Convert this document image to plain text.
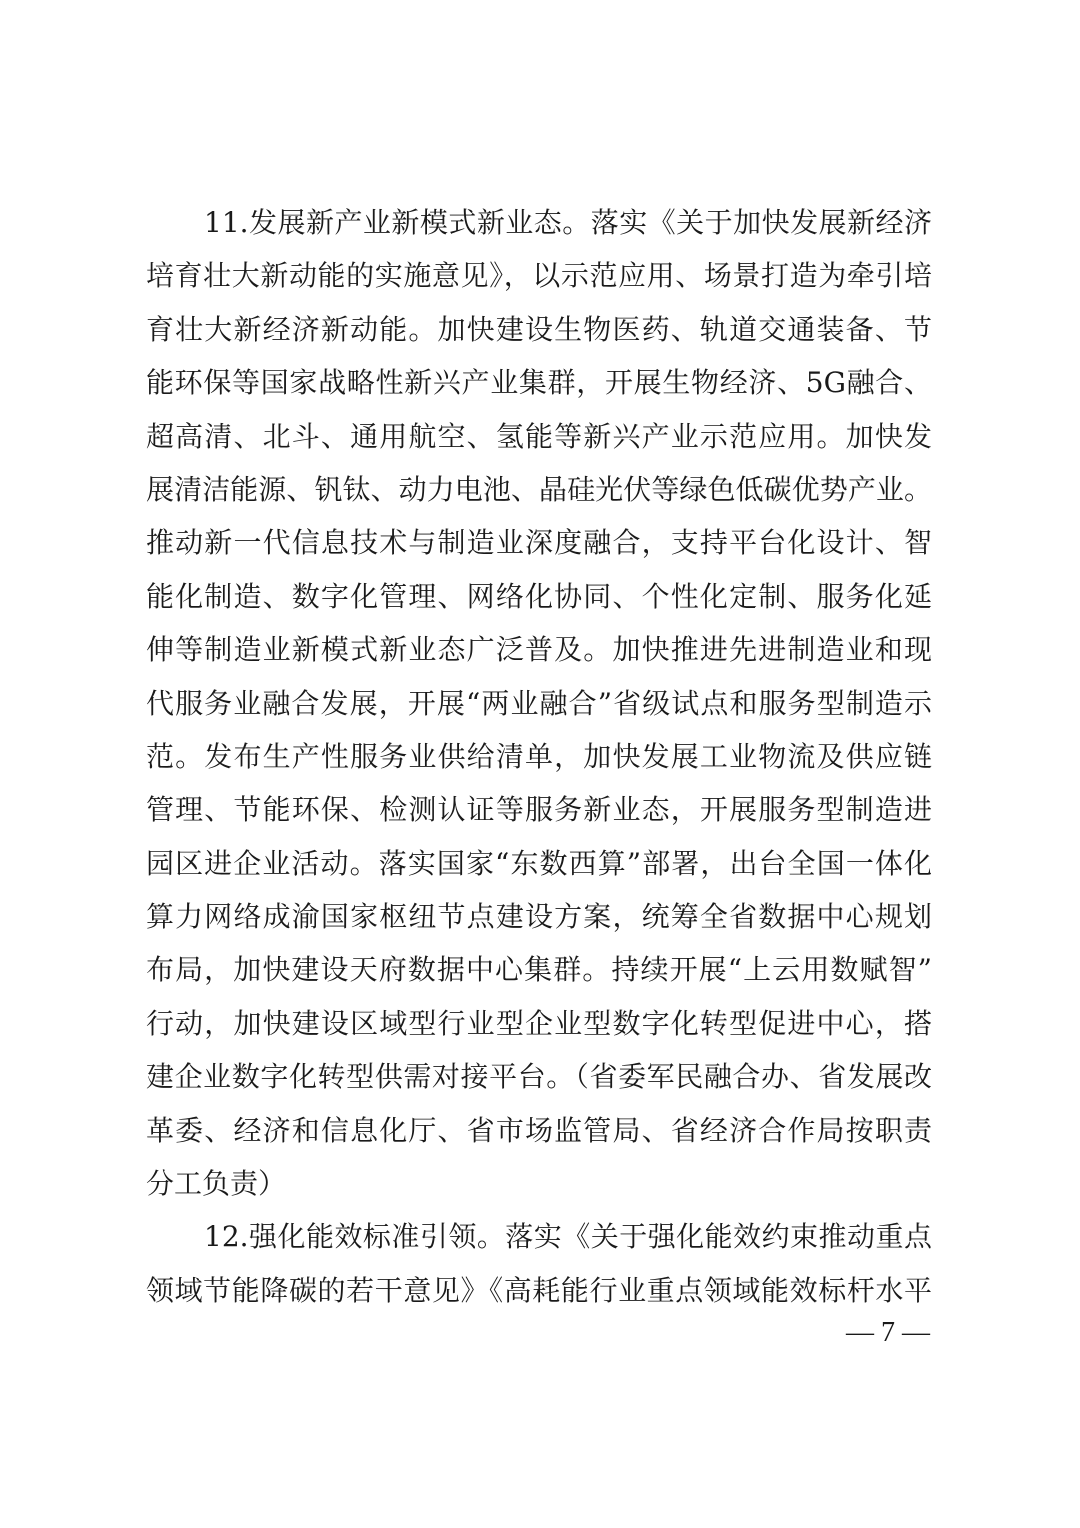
11.发展新产业新模式新业态。落实《关于加快发展新经济
培育壮大新动能的实施意见》，以示范应用、场景打造为牵引培
育壮大新经济新动能。加快建设生物医药、轨道交通装备、节
能环保等国家战略性新兴产业集群，开展生物经济、5G融合、
超高清、北斗、通用航空、氢能等新兴产业示范应用。加快发
展清洁能源、钒钛、动力电池、晶硅光伏等绿色低碳优势产业。
推动新一代信息技术与制造业深度融合，支持平台化设计、智
能化制造、数字化管理、网络化协同、个性化定制、服务化延
伸等制造业新模式新业态广泛普及。加快推进先进制造业和现
代服务业融合发展，开展“两业融合”省级试点和服务型制造示
范。发布生产性服务业供给清单，加快发展工业物流及供应链
管理、节能环保、检测认证等服务新业态，开展服务型制造进
园区进企业活动。落实国家“东数西算”部署，出台全国一体化
算力网络成渝国家枢纽节点建设方案，统筹全省数据中心规划
布局，加快建设天府数据中心集群。持续开展“上云用数赋智”
行动，加快建设区域型行业型企业型数字化转型促进中心，搭
建企业数字化转型供需对接平台。（省委军民融合办、省发展改
革委、经济和信息化厅、省市场监管局、省经济合作局按职责
分工负责）
12.强化能效标准引领。落实《关于强化能效约束推动重点
领域节能降碳的若干意见》《高耗能行业重点领域能效标杆水平
— 7 —
